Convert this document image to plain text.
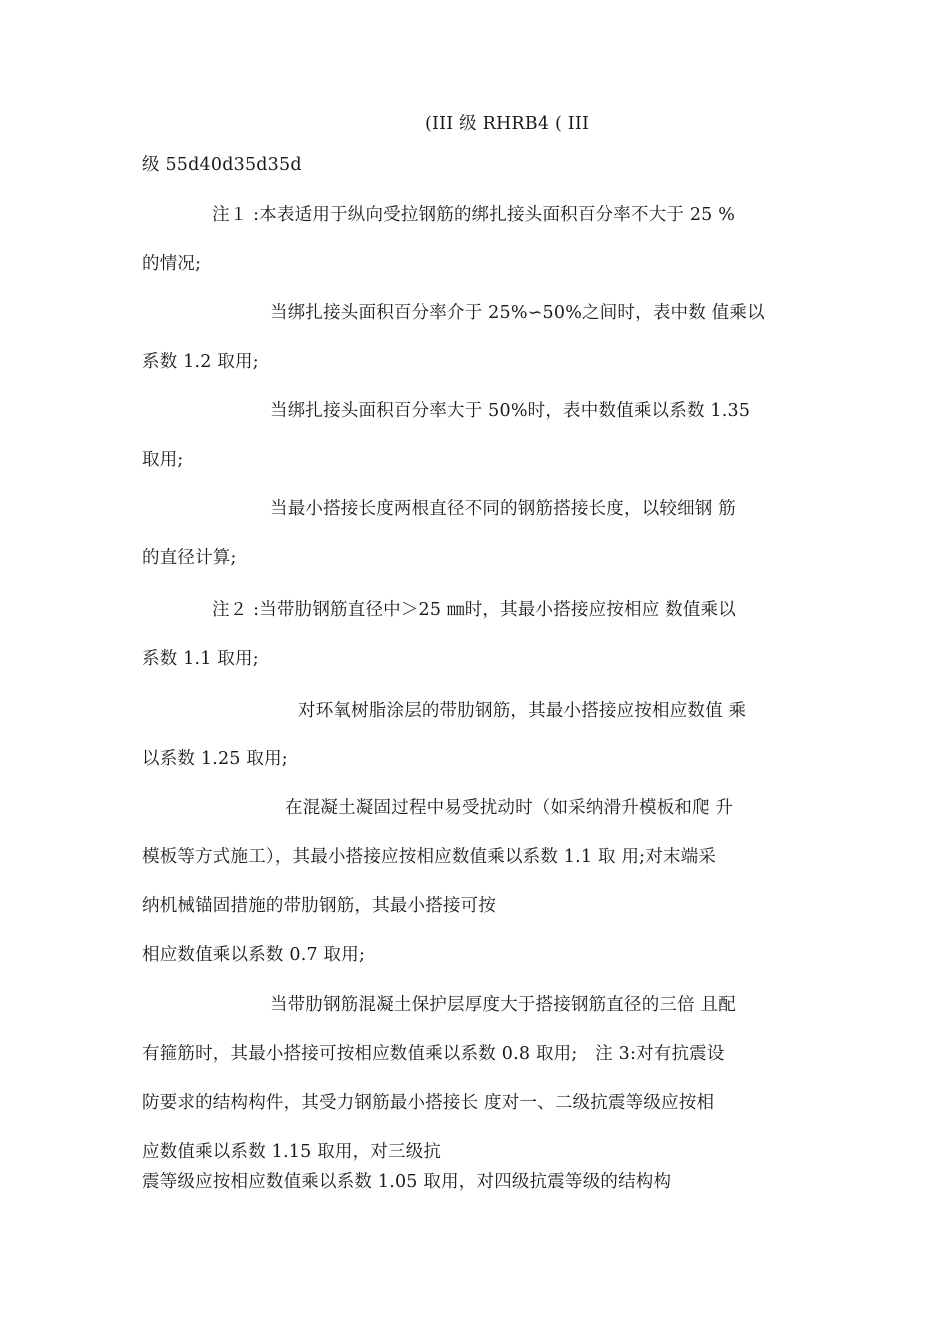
(III 级 RHRB4 ( III
级 55d40d35d35d
注１ :本表适用于纵向受拉钢筋的绑扎接头面积百分率不大于 25 %
的情况;
当绑扎接头面积百分率介于 25%∽50%之间时，表中数 值乘以
系数 1.2 取用;
当绑扎接头面积百分率大于 50%时，表中数值乘以系数 1.35
取用;
当最小搭接长度两根直径不同的钢筋搭接长度，以较细钢 筋
的直径计算;
注２ :当带肋钢筋直径中＞25 ㎜时，其最小搭接应按相应 数值乘以
系数 1.1 取用;
对环氧树脂涂层的带肋钢筋，其最小搭接应按相应数值 乘
以系数 1.25 取用;
在混凝土凝固过程中易受扰动时（如采纳滑升模板和爬 升
模板等方式施工），其最小搭接应按相应数值乘以系数 1.1 取 用;对末端采
纳机械锚固措施的带肋钢筋，其最小搭接可按
相应数值乘以系数 0.7 取用;
当带肋钢筋混凝土保护层厚度大于搭接钢筋直径的三倍 且配
有箍筋时，其最小搭接可按相应数值乘以系数 0.8 取用;　注 3:对有抗震设
防要求的结构构件，其受力钢筋最小搭接长 度对一、二级抗震等级应按相
应数值乘以系数 1.15 取用，对三级抗
震等级应按相应数值乘以系数 1.05 取用，对四级抗震等级的结构构
